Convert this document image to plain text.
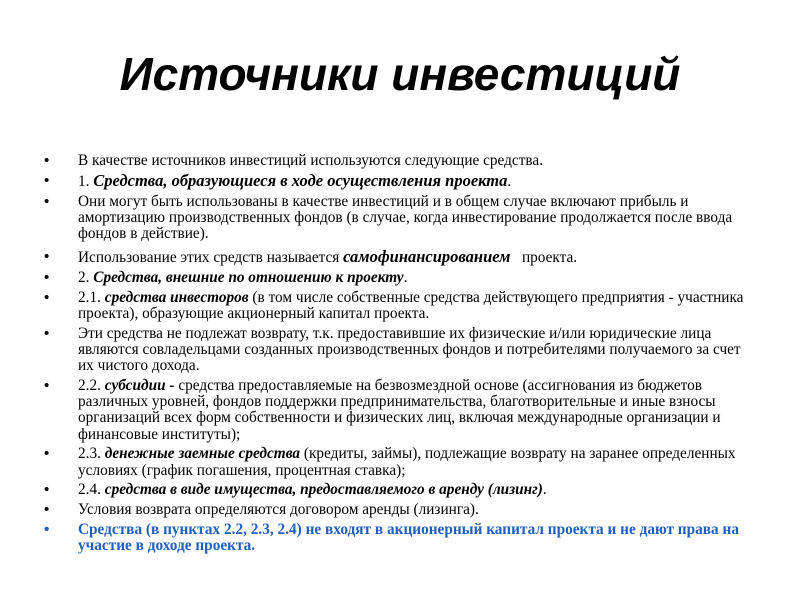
Источники инвестиций
• В качестве источников инвестиций используются следующие средства.
• 1. Средства, образующиеся в ходе осуществления проекта.
• Они могут быть использованы в качестве инвестиций и в общем случае включают прибыль и амортизацию производственных фондов (в случае, когда инвестирование продолжается после ввода фондов в действие).
• Использование этих средств называется самофинансированием   проекта.
• 2. Средства, внешние по отношению к проекту.
• 2.1. средства инвесторов (в том числе собственные средства действующего предприятия - участника проекта), образующие акционерный капитал проекта.
• Эти средства не подлежат возврату, т.к. предоставившие их физические и/или юридические лица являются совладельцами созданных производственных фондов и потребителями получаемого за счет их чистого дохода.
• 2.2. субсидии - средства предоставляемые на безвозмездной основе (ассигнования из бюджетов различных уровней, фондов поддержки предпринимательства, благотворительные и иные взносы организаций всех форм собственности и физических лиц, включая международные организации и финансовые институты);
• 2.3. денежные заемные средства (кредиты, займы), подлежащие возврату на заранее определенных условиях (график погашения, процентная ставка);
• 2.4. средства в виде имущества, предоставляемого в аренду (лизинг).
• Условия возврата определяются договором аренды (лизинга).
• Средства (в пунктах 2.2, 2.3, 2.4) не входят в акционерный капитал проекта и не дают права на участие в доходе проекта.
